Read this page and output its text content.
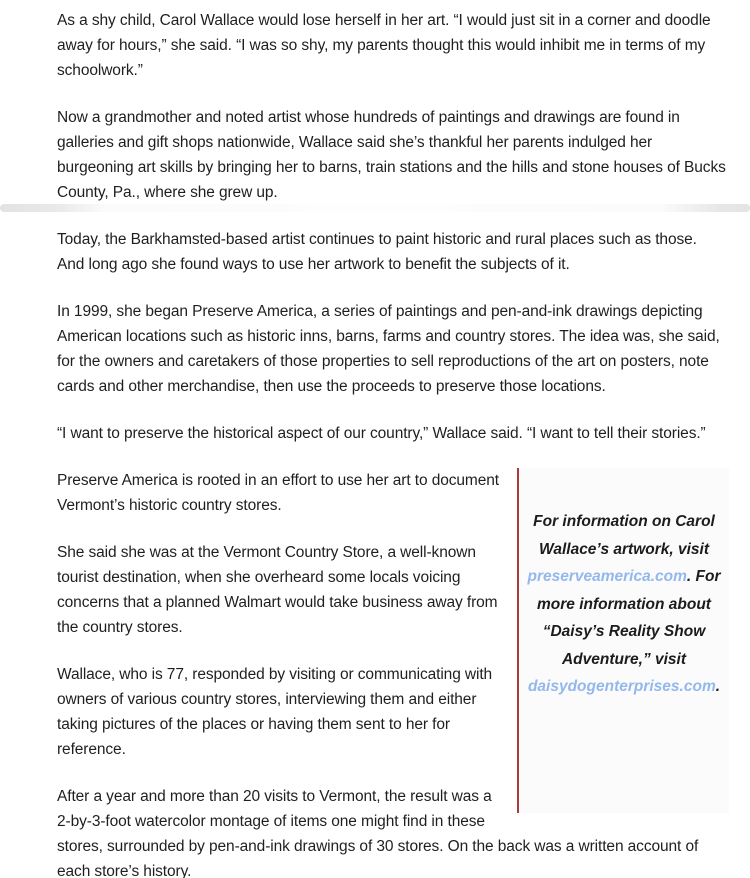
As a shy child, Carol Wallace would lose herself in her art. “I would just sit in a corner and doodle away for hours,” she said. “I was so shy, my parents thought this would inhibit me in terms of my schoolwork.”

Now a grandmother and noted artist whose hundreds of paintings and drawings are found in galleries and gift shops nationwide, Wallace said she’s thankful her parents indulged her burgeoning art skills by bringing her to barns, train stations and the hills and stone houses of Bucks County, Pa., where she grew up.

Today, the Barkhamsted-based artist continues to paint historic and rural places such as those. And long ago she found ways to use her artwork to benefit the subjects of it.

In 1999, she began Preserve America, a series of paintings and pen-and-ink drawings depicting American locations such as historic inns, barns, farms and country stores. The idea was, she said, for the owners and caretakers of those properties to sell reproductions of the art on posters, note cards and other merchandise, then use the proceeds to preserve those locations.

“I want to preserve the historical aspect of our country,” Wallace said. “I want to tell their stories.”

For information on Carol Wallace’s artwork, visit preserveamerica.com. For more information about “Daisy’s Reality Show Adventure,” visit daisydogenterprises.com.

Preserve America is rooted in an effort to use her art to document Vermont’s historic country stores.

She said she was at the Vermont Country Store, a well-known tourist destination, when she overheard some locals voicing concerns that a planned Walmart would take business away from the country stores.

Wallace, who is 77, responded by visiting or communicating with owners of various country stores, interviewing them and either taking pictures of the places or having them sent to her for reference.

After a year and more than 20 visits to Vermont, the result was a 2-by-3-foot watercolor montage of items one might find in these stores, surrounded by pen-and-ink drawings of 30 stores. On the back was a written account of each store’s history.
